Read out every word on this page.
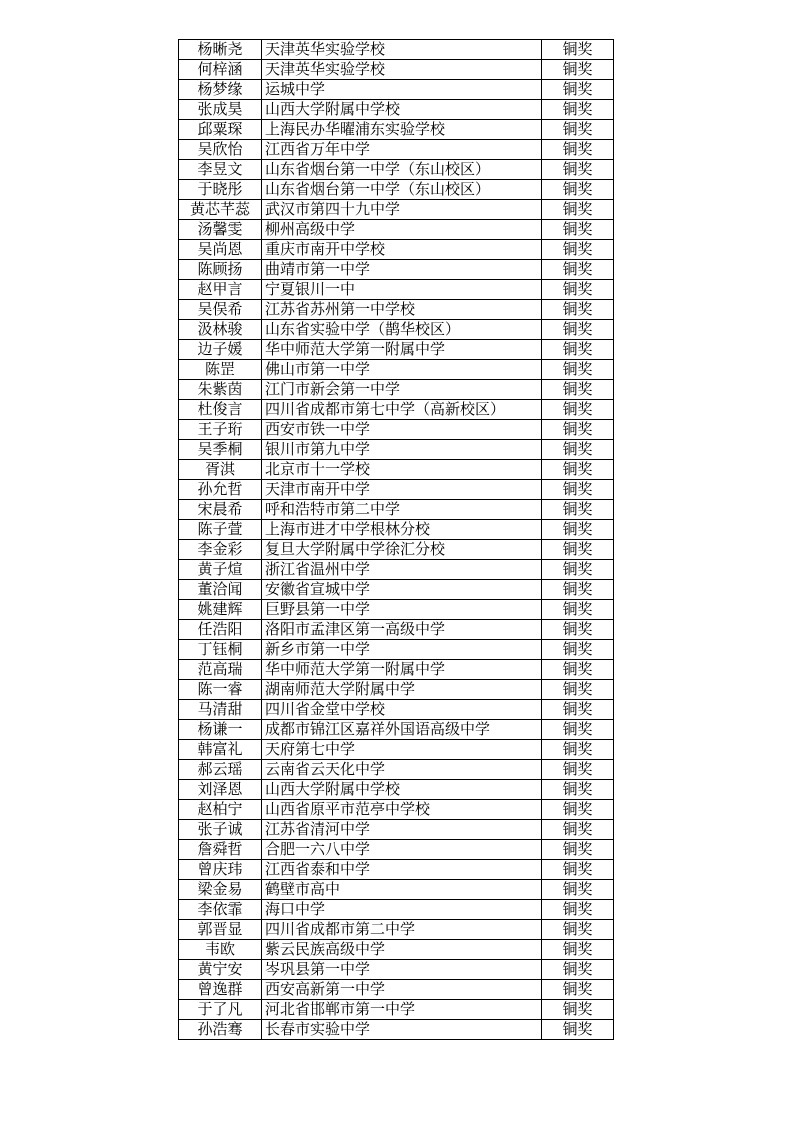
杨晰尧	天津英华实验学校	铜奖
何梓涵	天津英华实验学校	铜奖
杨梦缘	运城中学	铜奖
张成昊	山西大学附属中学校	铜奖
邱粟琛	上海民办华曜浦东实验学校	铜奖
吴欣怡	江西省万年中学	铜奖
李昱文	山东省烟台第一中学（东山校区）	铜奖
于晓彤	山东省烟台第一中学（东山校区）	铜奖
黄芯芊蕊	武汉市第四十九中学	铜奖
汤馨雯	柳州高级中学	铜奖
吴尚恩	重庆市南开中学校	铜奖
陈顾扬	曲靖市第一中学	铜奖
赵甲言	宁夏银川一中	铜奖
吴俣希	江苏省苏州第一中学校	铜奖
汲林骏	山东省实验中学（鹊华校区）	铜奖
边子媛	华中师范大学第一附属中学	铜奖
陈罡	佛山市第一中学	铜奖
朱紫茵	江门市新会第一中学	铜奖
杜俊言	四川省成都市第七中学（高新校区）	铜奖
王子珩	西安市铁一中学	铜奖
吴季桐	银川市第九中学	铜奖
胥淇	北京市十一学校	铜奖
孙允哲	天津市南开中学	铜奖
宋晨希	呼和浩特市第二中学	铜奖
陈子萱	上海市进才中学根林分校	铜奖
李金彩	复旦大学附属中学徐汇分校	铜奖
黄子煊	浙江省温州中学	铜奖
董洽闻	安徽省宣城中学	铜奖
姚建辉	巨野县第一中学	铜奖
任浩阳	洛阳市孟津区第一高级中学	铜奖
丁钰桐	新乡市第一中学	铜奖
范高瑞	华中师范大学第一附属中学	铜奖
陈一睿	湖南师范大学附属中学	铜奖
马清甜	四川省金堂中学校	铜奖
杨谦一	成都市锦江区嘉祥外国语高级中学	铜奖
韩富礼	天府第七中学	铜奖
郝云瑶	云南省云天化中学	铜奖
刘泽恩	山西大学附属中学校	铜奖
赵柏宁	山西省原平市范亭中学校	铜奖
张子诚	江苏省清河中学	铜奖
詹舜哲	合肥一六八中学	铜奖
曾庆玮	江西省泰和中学	铜奖
梁金易	鹤壁市高中	铜奖
李依霏	海口中学	铜奖
郭晋显	四川省成都市第二中学	铜奖
韦欧	紫云民族高级中学	铜奖
黄宁安	岑巩县第一中学	铜奖
曾逸群	西安高新第一中学	铜奖
于了凡	河北省邯郸市第一中学	铜奖
孙浩骞	长春市实验中学	铜奖
